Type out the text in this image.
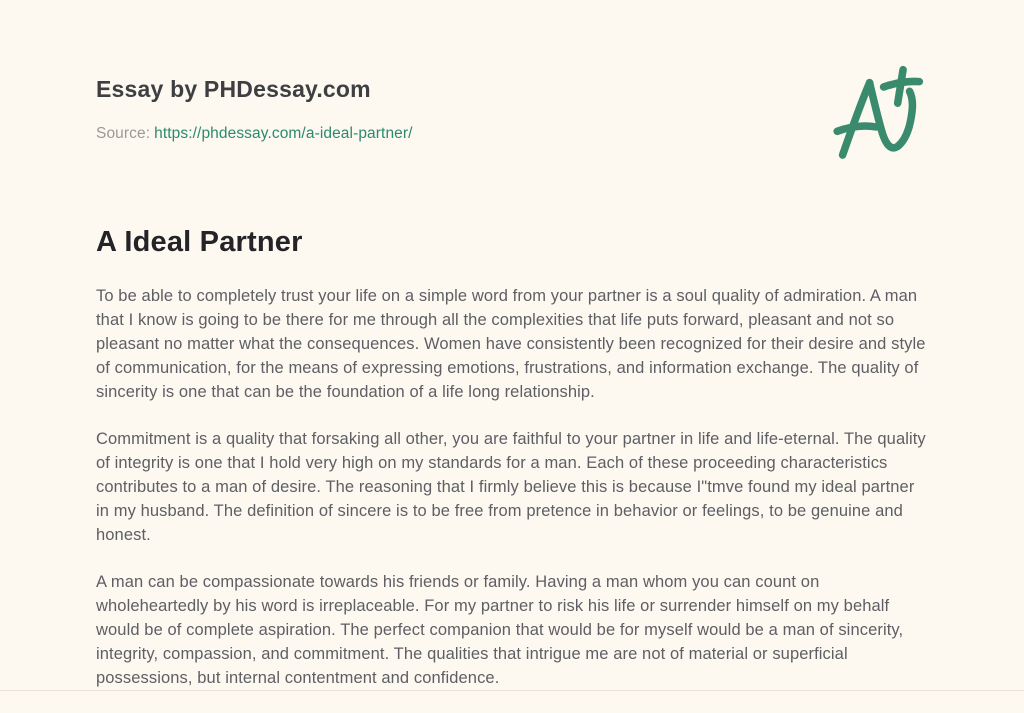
Essay by PHDessay.com
Source: https://phdessay.com/a-ideal-partner/
A Ideal Partner

To be able to completely trust your life on a simple word from your partner is a soul quality of admiration. A man that I know is going to be there for me through all the complexities that life puts forward, pleasant and not so pleasant no matter what the consequences. Women have consistently been recognized for their desire and style of communication, for the means of expressing emotions, frustrations, and information exchange. The quality of sincerity is one that can be the foundation of a life long relationship.

Commitment is a quality that forsaking all other, you are faithful to your partner in life and life-eternal. The quality of integrity is one that I hold very high on my standards for a man. Each of these proceeding characteristics contributes to a man of desire. The reasoning that I firmly believe this is because I"tmve found my ideal partner in my husband. The definition of sincere is to be free from pretence in behavior or feelings, to be genuine and honest.

A man can be compassionate towards his friends or family. Having a man whom you can count on wholeheartedly by his word is irreplaceable. For my partner to risk his life or surrender himself on my behalf would be of complete aspiration. The perfect companion that would be for myself would be a man of sincerity, integrity, compassion, and commitment. The qualities that intrigue me are not of material or superficial possessions, but internal contentment and confidence.
